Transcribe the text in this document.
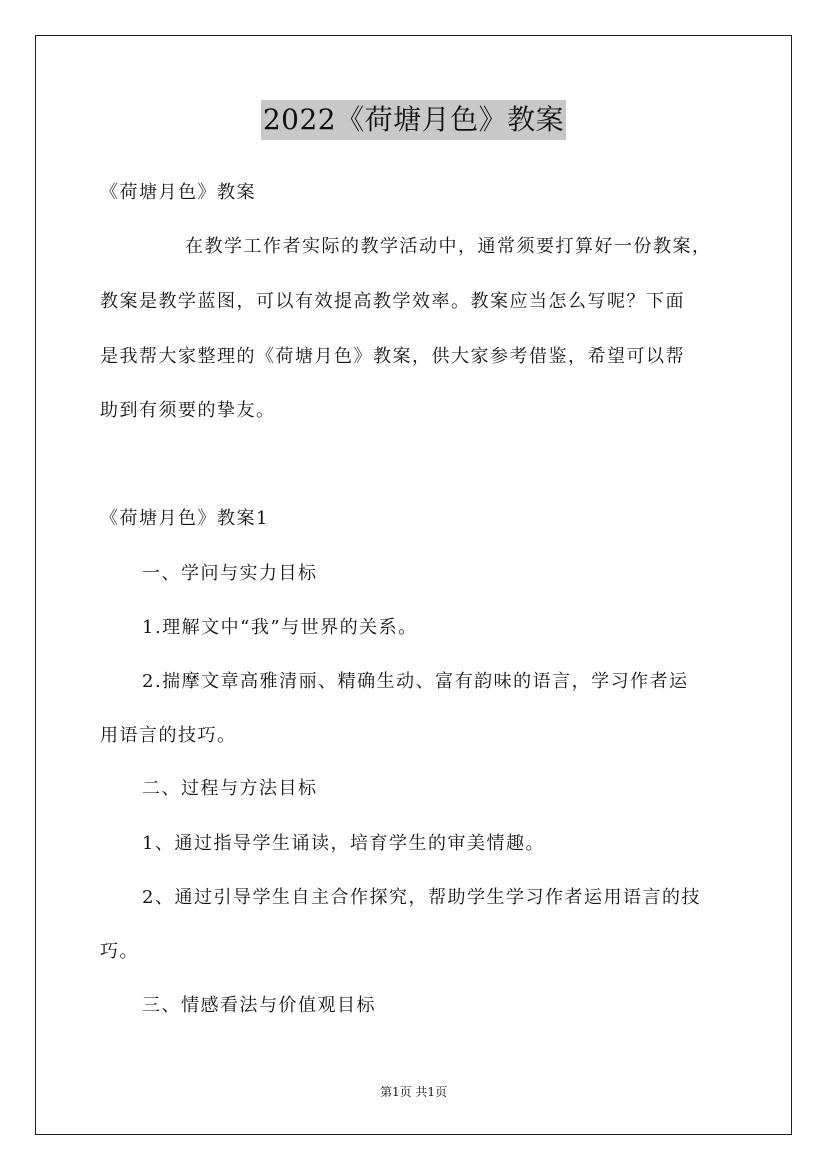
2022《荷塘月色》教案
《荷塘月色》教案
在教学工作者实际的教学活动中，通常须要打算好一份教案，
教案是教学蓝图，可以有效提高教学效率。教案应当怎么写呢？下面
是我帮大家整理的《荷塘月色》教案，供大家参考借鉴，希望可以帮
助到有须要的挚友。
《荷塘月色》教案1
一、学问与实力目标
1.理解文中“我”与世界的关系。
2.揣摩文章高雅清丽、精确生动、富有韵味的语言，学习作者运
用语言的技巧。
二、过程与方法目标
1、通过指导学生诵读，培育学生的审美情趣。
2、通过引导学生自主合作探究，帮助学生学习作者运用语言的技
巧。
三、情感看法与价值观目标
第1页 共1页
